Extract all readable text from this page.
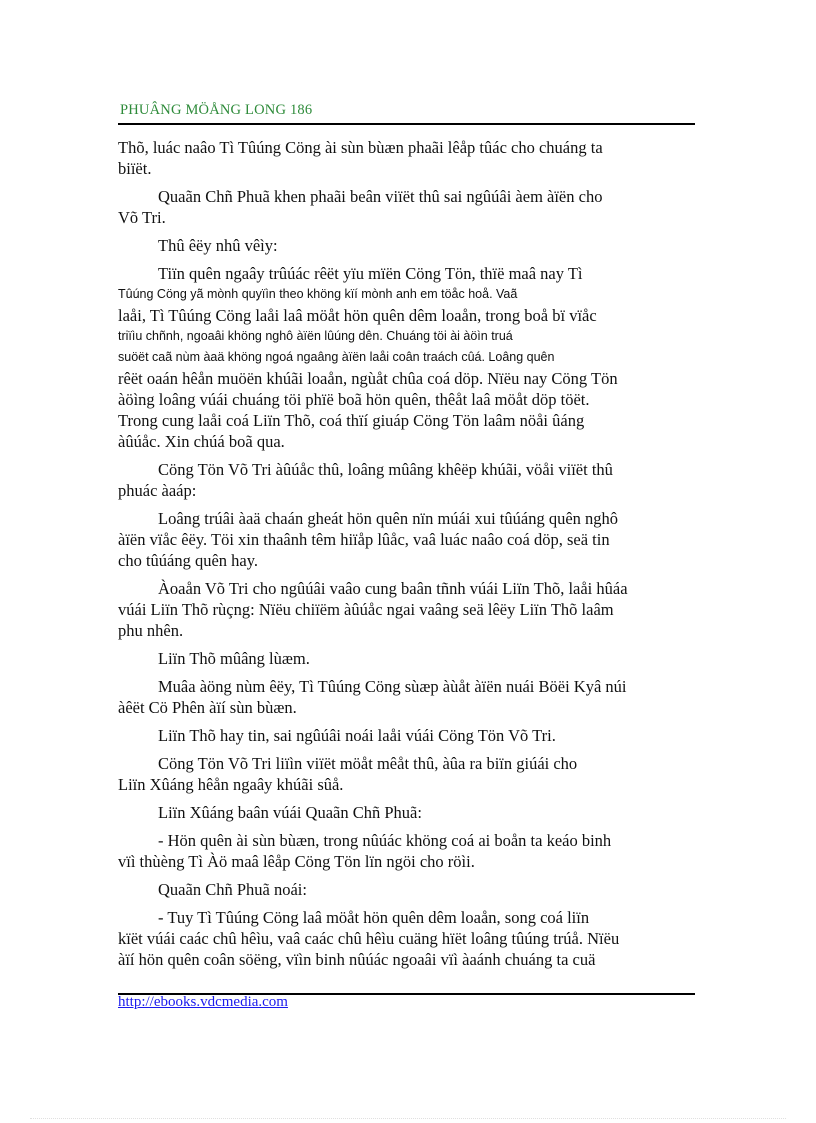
PHUÂNG MÖÅNG LONG 186

Thõ, luác naâo Tì Tûúng Cöng ài sùn bùæn phaãi lêåp tûác cho chuáng ta
biïët.

Quaãn Chñ Phuã khen phaãi beân viïët thû sai ngûúâi àem àïën cho
Võ Tri.

Thû êëy nhû vêìy:

Tiïn quên ngaây trûúác rêët yïu mïën Cöng Tön, thïë maâ nay Tì
Tûúng Cöng yã mònh quyïìn theo khöng kïí mònh anh em töåc hoå. Vaã
laåi, Tì Tûúng Cöng laåi laâ möåt hön quên dêm loaån, trong boå bï vïåc
triïìu chñnh, ngoaâi khöng nghô àïën lûúng dên. Chuáng töi ài àöìn truá
suöët caã nùm àaä khöng ngoá ngaâng àïën laåi coân traách cûá. Loâng quên
rêët oaán hêån muöën khúãi loaån, ngùåt chûa coá döp. Nïëu nay Cöng Tön
àöìng loâng vúái chuáng töi phïë boã hön quên, thêåt laâ möåt döp töët.
Trong cung laåi coá Liïn Thõ, coá thïí giuáp Cöng Tön laâm nöåi ûáng
àûúåc. Xin chúá boã qua.

Cöng Tön Võ Tri àûúåc thû, loâng mûâng khêëp khúãi, vöåi viïët thû
phuác àaáp:

Loâng trúâi àaä chaán gheát hön quên nïn múái xui tûúáng quên nghô
àïën vïåc êëy. Töi xin thaânh têm hiïåp lûåc, vaâ luác naâo coá döp, seä tin
cho tûúáng quên hay.

Àoaån Võ Tri cho ngûúâi vaâo cung baân tñnh vúái Liïn Thõ, laåi hûáa
vúái Liïn Thõ rùçng: Nïëu chiïëm àûúåc ngai vaâng seä lêëy Liïn Thõ laâm
phu nhên.

Liïn Thõ mûâng lùæm.

Muâa àöng nùm êëy, Tì Tûúng Cöng sùæp àùåt àïën nuái Böëi Kyâ núi
àêët Cö Phên àïí sùn bùæn.

Liïn Thõ hay tin, sai ngûúâi noái laåi vúái Cöng Tön Võ Tri.

Cöng Tön Võ Tri liïìn viïët möåt mêåt thû, àûa ra biïn giúái cho
Liïn Xûáng hêån ngaây khúãi sûå.

Liïn Xûáng baân vúái Quaãn Chñ Phuã:

- Hön quên ài sùn bùæn, trong nûúác khöng coá ai boån ta keáo binh
vïì thùèng Tì Àö maâ lêåp Cöng Tön lïn ngöi cho röìi.

Quaãn Chñ Phuã noái:

- Tuy Tì Tûúng Cöng laâ möåt hön quên dêm loaån, song coá liïn
kïët vúái caác chû hêìu, vaâ caác chû hêìu cuäng hïët loâng tûúng trúå. Nïëu
àïí hön quên coân söëng, vïìn binh nûúác ngoaâi vïì àaánh chuáng ta cuä

http://ebooks.vdcmedia.com
